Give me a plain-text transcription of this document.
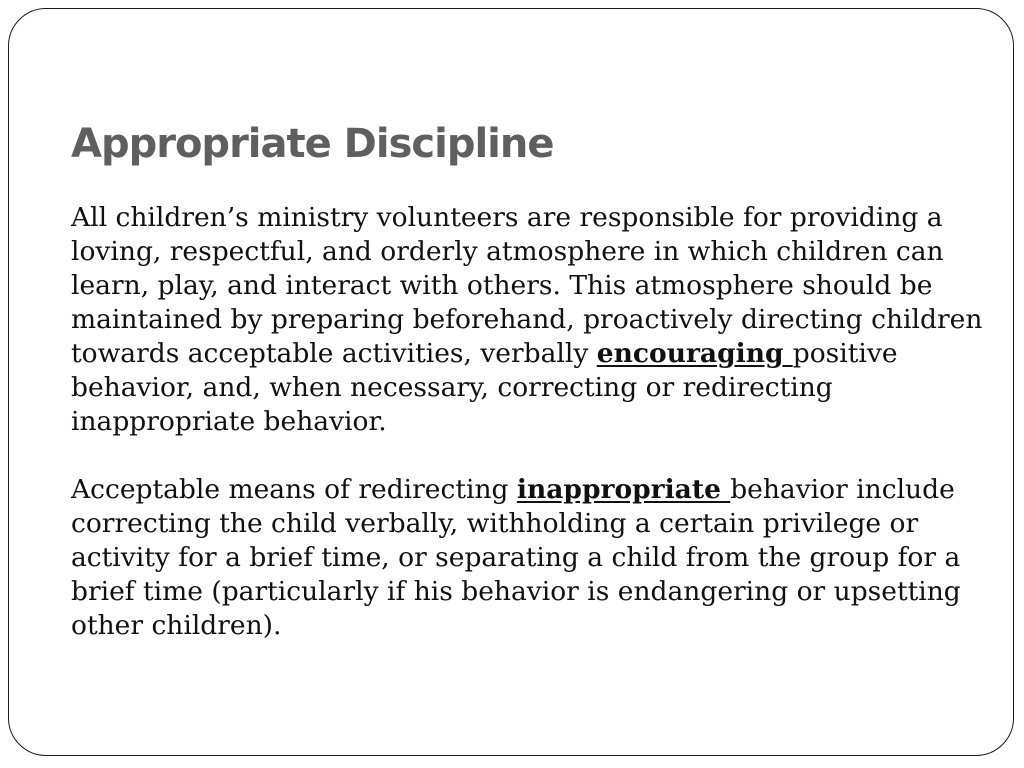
Appropriate Discipline

All children’s ministry volunteers are responsible for providing a loving, respectful, and orderly atmosphere in which children can learn, play, and interact with others. This atmosphere should be maintained by preparing beforehand, proactively directing children towards acceptable activities, verbally encouraging positive behavior, and, when necessary, correcting or redirecting inappropriate behavior.

Acceptable means of redirecting inappropriate behavior include correcting the child verbally, withholding a certain privilege or activity for a brief time, or separating a child from the group for a brief time (particularly if his behavior is endangering or upsetting other children).
